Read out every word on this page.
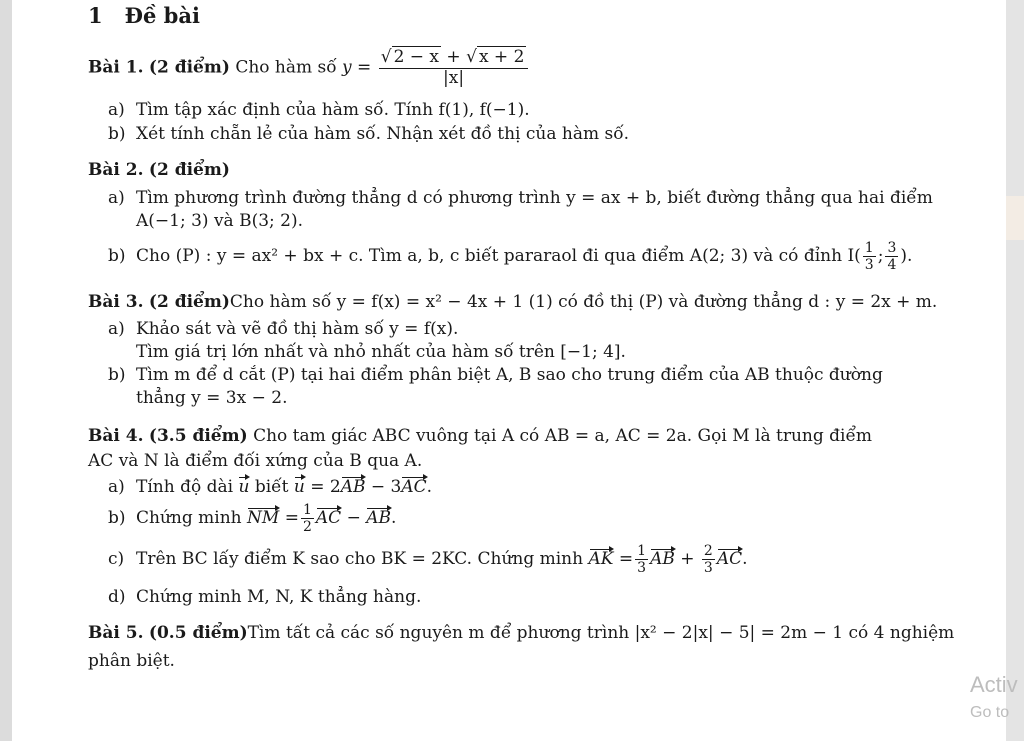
1 Đề bài
Bài 1. (2 điểm) Cho hàm số $y = \frac{√ 2 - x + √ x + 2}{|x|}$
a) Tìm tập xác định của hàm số. Tính f(1), f(−1).
b) Xét tính chẵn lẻ của hàm số. Nhận xét đồ thị của hàm số.
Bài 2. (2 điểm)
a) Tìm phương trình đường thẳng d có phương trình y = ax + b, biết đường thẳng qua hai điểm
A(−1; 3) và B(3; 2).
b) Cho (P) : y = ax² + bx + c. Tìm a, b, c biết pararaol đi qua điểm A(2; 3) và có đỉnh $I( \frac{1}{3}$ ; $\frac{3}{4}$ ).
Bài 3. (2 điểm)Cho hàm số y = f(x) = x² − 4x + 1 (1) có đồ thị (P) và đường thẳng d : y = 2x + m.
a) Khảo sát và vẽ đồ thị hàm số y = f(x).
Tìm giá trị lớn nhất và nhỏ nhất của hàm số trên [−1; 4].
b) Tìm m để d cắt (P) tại hai điểm phân biệt A, B sao cho trung điểm của AB thuộc đường
thẳng y = 3x − 2.
Bài 4. (3.5 điểm) Cho tam giác ABC vuông tại A có AB = a, AC = 2a. Gọi M là trung điểm
AC và N là điểm đối xứng của B qua A.
a) Tính độ dài u biết u = 2AB − 3AC.
b) Chứng minh NM = $\frac{1}{2}$ AC − AB.
c) Trên BC lấy điểm K sao cho BK = 2KC. Chứng minh AK = $\frac{1}{3}$ AB + $\frac{2}{3}$ AC.
d) Chứng minh M, N, K thẳng hàng.
Bài 5. (0.5 điểm)Tìm tất cả các số nguyên m để phương trình |x² − 2|x| − 5| = 2m − 1 có 4 nghiệm
phân biệt.
Activ
Go to
